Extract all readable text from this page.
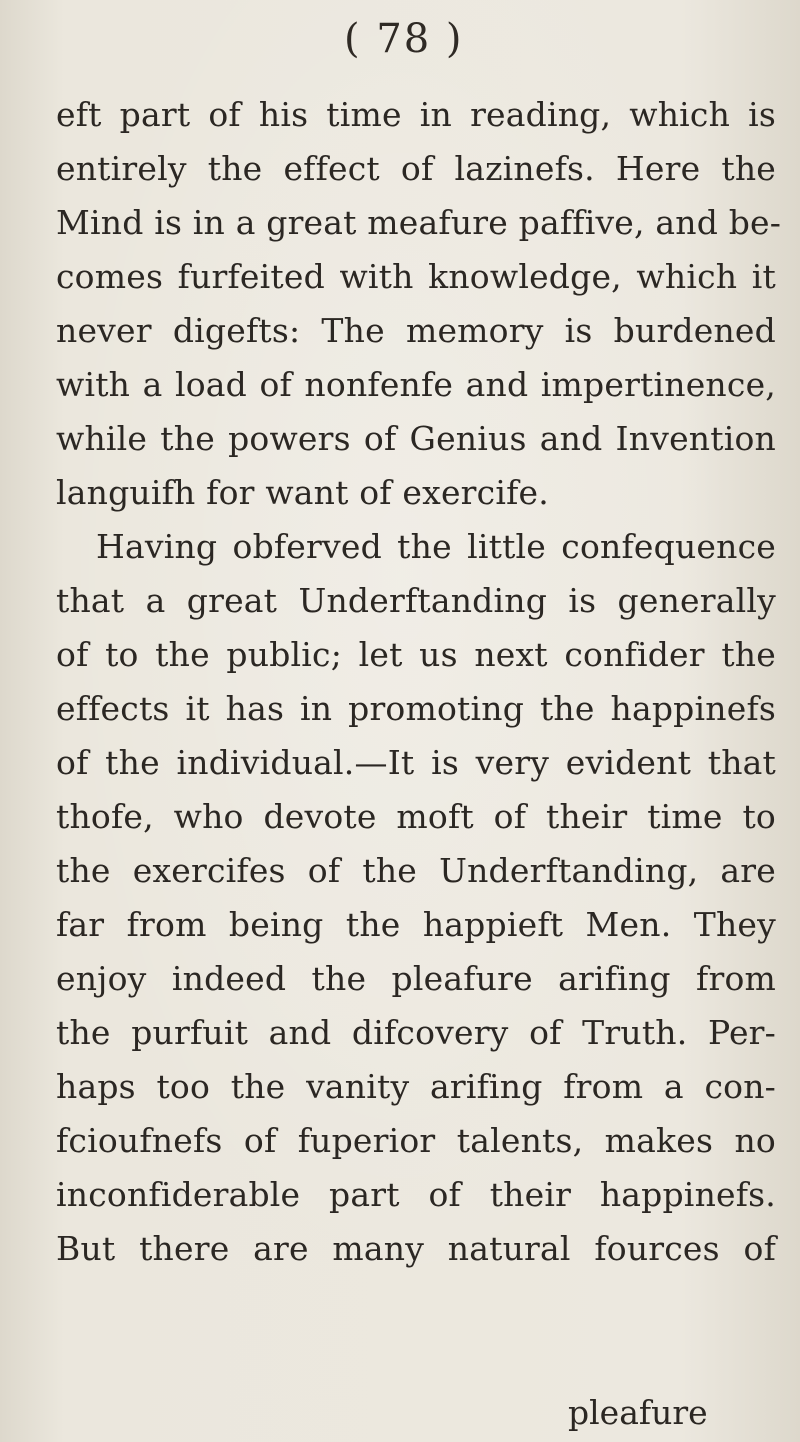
( 78 )
eft part of his time in reading, which is
entirely the effect of lazinefs. Here the
Mind is in a great meafure paffive, and be-
comes furfeited with knowledge, which it
never digefts: The memory is burdened
with a load of nonfenfe and impertinence,
while the powers of Genius and Invention
languifh for want of exercife.
Having obferved the little confequence
that a great Underftanding is generally
of to the public; let us next confider the
effects it has in promoting the happinefs
of the individual.—It is very evident that
thofe, who devote moft of their time to
the exercifes of the Underftanding, are
far from being the happieft Men. They
enjoy indeed the pleafure arifing from
the purfuit and difcovery of Truth. Per-
haps too the vanity arifing from a con-
fcioufnefs of fuperior talents, makes no
inconfiderable part of their happinefs.
But there are many natural fources of
pleafure
